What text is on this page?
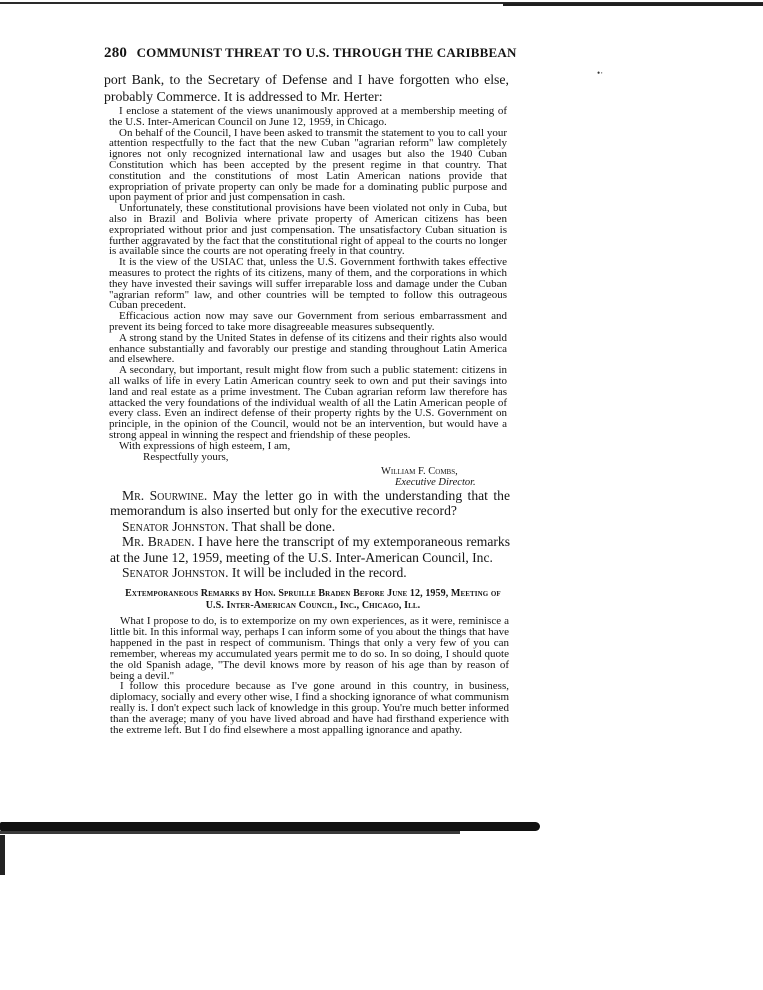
280 COMMUNIST THREAT TO U.S. THROUGH THE CARIBBEAN
•⋅

port Bank, to the Secretary of Defense and I have forgotten who else, probably Commerce. It is addressed to Mr. Herter:

I enclose a statement of the views unanimously approved at a membership meeting of the U.S. Inter-American Council on June 12, 1959, in Chicago.

On behalf of the Council, I have been asked to transmit the statement to you to call your attention respectfully to the fact that the new Cuban "agrarian reform" law completely ignores not only recognized international law and usages but also the 1940 Cuban Constitution which has been accepted by the present regime in that country. That constitution and the constitutions of most Latin American nations provide that expropriation of private property can only be made for a dominating public purpose and upon payment of prior and just compensation in cash.

Unfortunately, these constitutional provisions have been violated not only in Cuba, but also in Brazil and Bolivia where private property of American citizens has been expropriated without prior and just compensation. The unsatisfactory Cuban situation is further aggravated by the fact that the constitutional right of appeal to the courts no longer is available since the courts are not operating freely in that country.

It is the view of the USIAC that, unless the U.S. Government forthwith takes effective measures to protect the rights of its citizens, many of them, and the corporations in which they have invested their savings will suffer irreparable loss and damage under the Cuban "agrarian reform" law, and other countries will be tempted to follow this outrageous Cuban precedent.

Efficacious action now may save our Government from serious embarrassment and prevent its being forced to take more disagreeable measures subsequently.

A strong stand by the United States in defense of its citizens and their rights also would enhance substantially and favorably our prestige and standing throughout Latin America and elsewhere.

A secondary, but important, result might flow from such a public statement: citizens in all walks of life in every Latin American country seek to own and put their savings into land and real estate as a prime investment. The Cuban agrarian reform law therefore has attacked the very foundations of the individual wealth of all the Latin American people of every class. Even an indirect defense of their property rights by the U.S. Government on principle, in the opinion of the Council, would not be an intervention, but would have a strong appeal in winning the respect and friendship of these peoples.

With expressions of high esteem, I am,
Respectfully yours,
William F. Combs,
Executive Director.

Mr. Sourwine. May the letter go in with the understanding that the memorandum is also inserted but only for the executive record?

Senator Johnston. That shall be done.

Mr. Braden. I have here the transcript of my extemporaneous remarks at the June 12, 1959, meeting of the U.S. Inter-American Council, Inc.

Senator Johnston. It will be included in the record.

Extemporaneous Remarks by Hon. Spruille Braden Before June 12, 1959, Meeting of U.S. Inter-American Council, Inc., Chicago, Ill.

What I propose to do, is to extemporize on my own experiences, as it were, reminisce a little bit. In this informal way, perhaps I can inform some of you about the things that have happened in the past in respect of communism. Things that only a very few of you can remember, whereas my accumulated years permit me to do so. In so doing, I should quote the old Spanish adage, "The devil knows more by reason of his age than by reason of being a devil."

I follow this procedure because as I've gone around in this country, in business, diplomacy, socially and every other wise, I find a shocking ignorance of what communism really is. I don't expect such lack of knowledge in this group. You're much better informed than the average; many of you have lived abroad and have had firsthand experience with the extreme left. But I do find elsewhere a most appalling ignorance and apathy.
